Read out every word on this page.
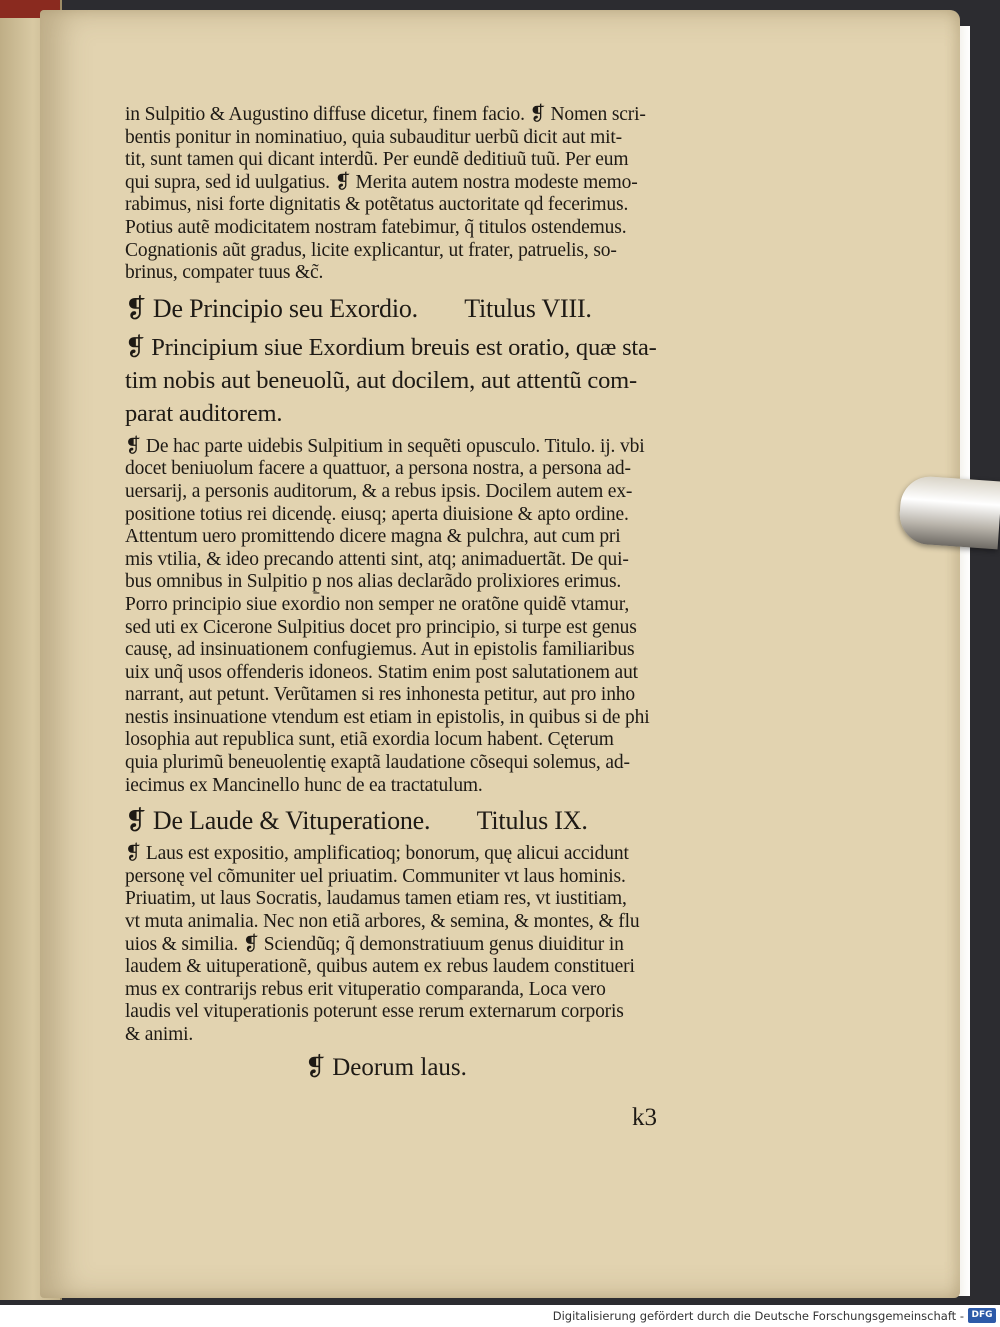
in Sulpitio & Augustino diffuse dicetur, finem facio. ❡ Nomen scri-
bentis ponitur in nominatiuo, quia subauditur uerbũ dicit aut mit-
tit, sunt tamen qui dicant interdũ. Per eundẽ deditiuũ tuũ. Per eum
qui supra, sed id uulgatius. ❡ Merita autem nostra modeste memo-
rabimus, nisi forte dignitatis & potẽtatus auctoritate qd fecerimus.
Potius autẽ modicitatem nostram fatebimur, q̃ titulos ostendemus.
Cognationis aũt gradus, licite explicantur, ut frater, patruelis, so-
brinus, compater tuus &c̃.
❡ De Principio seu Exordio. Titulus VIII.
❡ Principium siue Exordium breuis est oratio, quæ sta-
tim nobis aut beneuolũ, aut docilem, aut attentũ com-
parat auditorem.
❡ De hac parte uidebis Sulpitium in sequẽti opusculo. Titulo. ij. vbi
docet beniuolum facere a quattuor, a persona nostra, a persona ad-
uersarij, a personis auditorum, & a rebus ipsis. Docilem autem ex-
positione totius rei dicendę. eiusq; aperta diuisione & apto ordine.
Attentum uero promittendo dicere magna & pulchra, aut cum pri
mis vtilia, & ideo precando attenti sint, atq; animaduertãt. De qui-
bus omnibus in Sulpitio p̱ nos alias declarãdo prolixiores erimus.
Porro principio siue exordio non semper ne oratõne quidẽ vtamur,
sed uti ex Cicerone Sulpitius docet pro principio, si turpe est genus
causę, ad insinuationem confugiemus. Aut in epistolis familiaribus
uix unq̃ usos offenderis idoneos. Statim enim post salutationem aut
narrant, aut petunt. Verũtamen si res inhonesta petitur, aut pro inho
nestis insinuatione vtendum est etiam in epistolis, in quibus si de phi
losophia aut republica sunt, etiã exordia locum habent. Cęterum
quia plurimũ beneuolentię exaptã laudatione cõsequi solemus, ad-
iecimus ex Mancinello hunc de ea tractatulum.
❡ De Laude & Vituperatione. Titulus IX.
❡ Laus est expositio, amplificatioq; bonorum, quę alicui accidunt
personę vel cõmuniter uel priuatim. Communiter vt laus hominis.
Priuatim, ut laus Socratis, laudamus tamen etiam res, vt iustitiam,
vt muta animalia. Nec non etiã arbores, & semina, & montes, & flu
uios & similia. ❡ Sciendũq; q̃ demonstratiuum genus diuiditur in
laudem & uituperationẽ, quibus autem ex rebus laudem constitueri
mus ex contrarijs rebus erit vituperatio comparanda, Loca vero
laudis vel vituperationis poterunt esse rerum externarum corporis
& animi.
❡ Deorum laus.
k3
Digitalisierung gefördert durch die Deutsche Forschungsgemeinschaft - DFG
